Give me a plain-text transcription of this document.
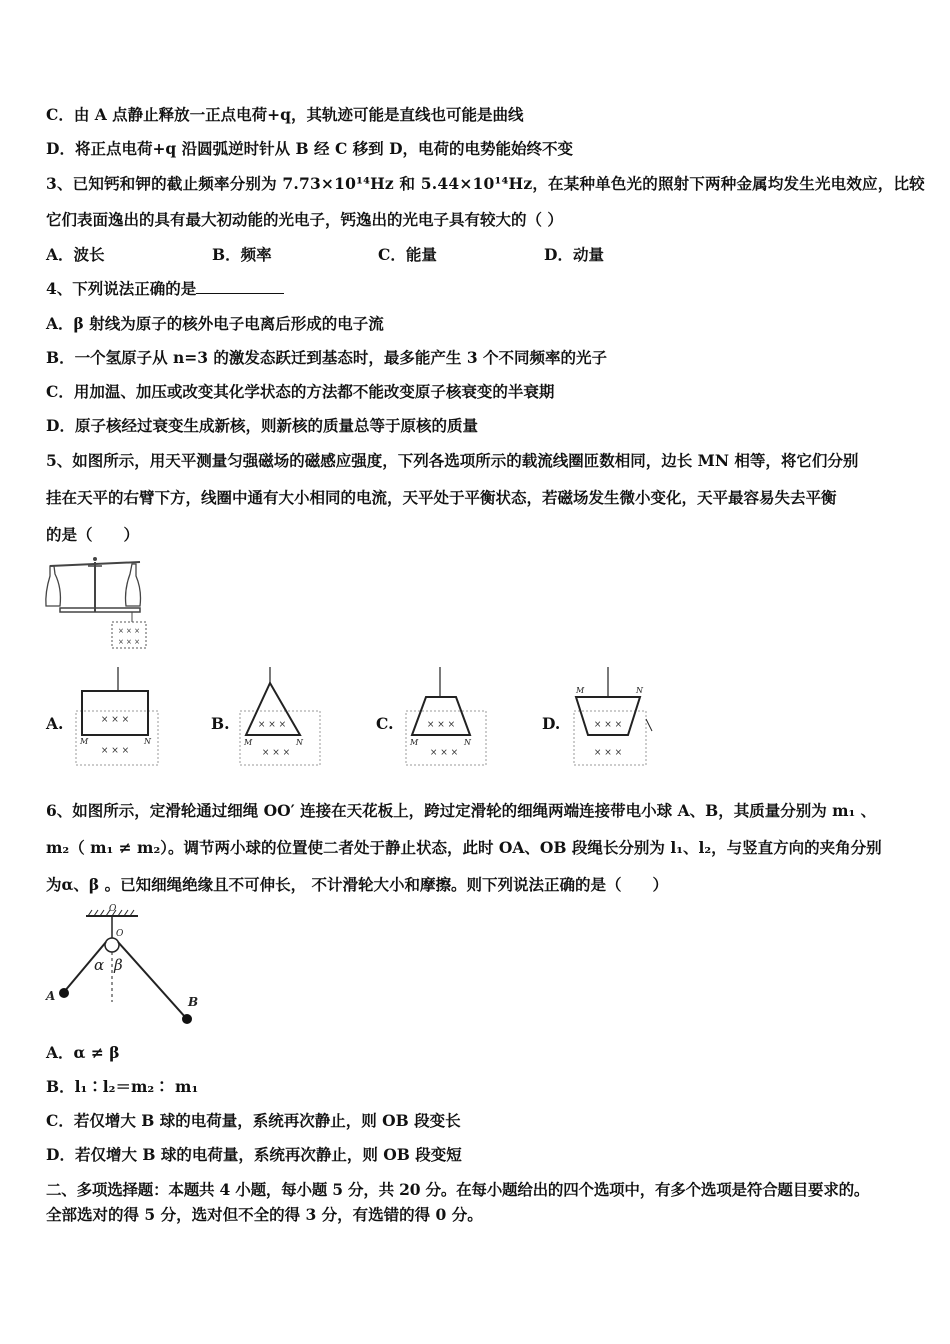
C．由 A 点静止释放一正点电荷+q，其轨迹可能是直线也可能是曲线
D．将正点电荷+q 沿圆弧逆时针从 B 经 C 移到 D，电荷的电势能始终不变
3、已知钙和钾的截止频率分别为 7.73×10¹⁴Hz 和 5.44×10¹⁴Hz，在某种单色光的照射下两种金属均发生光电效应，比较
它们表面逸出的具有最大初动能的光电子，钙逸出的光电子具有较大的（ ）
A．波长	B．频率	C．能量	D．动量
4、下列说法正确的是
A．β 射线为原子的核外电子电离后形成的电子流
B．一个氢原子从 n=3 的激发态跃迁到基态时，最多能产生 3 个不同频率的光子
C．用加温、加压或改变其化学状态的方法都不能改变原子核衰变的半衰期
D．原子核经过衰变生成新核，则新核的质量总等于原核的质量
5、如图所示，用天平测量匀强磁场的磁感应强度，下列各选项所示的载流线圈匝数相同，边长 MN 相等，将它们分别
挂在天平的右臂下方，线圈中通有大小相同的电流，天平处于平衡状态，若磁场发生微小变化，天平最容易失去平衡
的是（　　）
× × ×
× × ×
A.	× × ×
× × ×
M	N
B.	× × ×
× × ×
M	N
C.	× × ×
× × ×
M	N
D.	× × ×
× × ×
M	N
6、如图所示，定滑轮通过细绳 OO′ 连接在天花板上，跨过定滑轮的细绳两端连接带电小球 A、B，其质量分别为 m₁ 、
m₂（ m₁ ≠ m₂）。调节两小球的位置使二者处于静止状态，此时 OA、OB 段绳长分别为 l₁、l₂，与竖直方向的夹角分别
为α、β 。已知细绳绝缘且不可伸长， 不计滑轮大小和摩擦。则下列说法正确的是（　　）
O
O
α β
A	B
A．α ≠ β
B．l₁∶l₂＝m₂∶ m₁
C．若仅增大 B 球的电荷量，系统再次静止，则 OB 段变长
D．若仅增大 B 球的电荷量，系统再次静止，则 OB 段变短
二、多项选择题：本题共 4 小题，每小题 5 分，共 20 分。在每小题给出的四个选项中，有多个选项是符合题目要求的。
全部选对的得 5 分，选对但不全的得 3 分，有选错的得 0 分。
